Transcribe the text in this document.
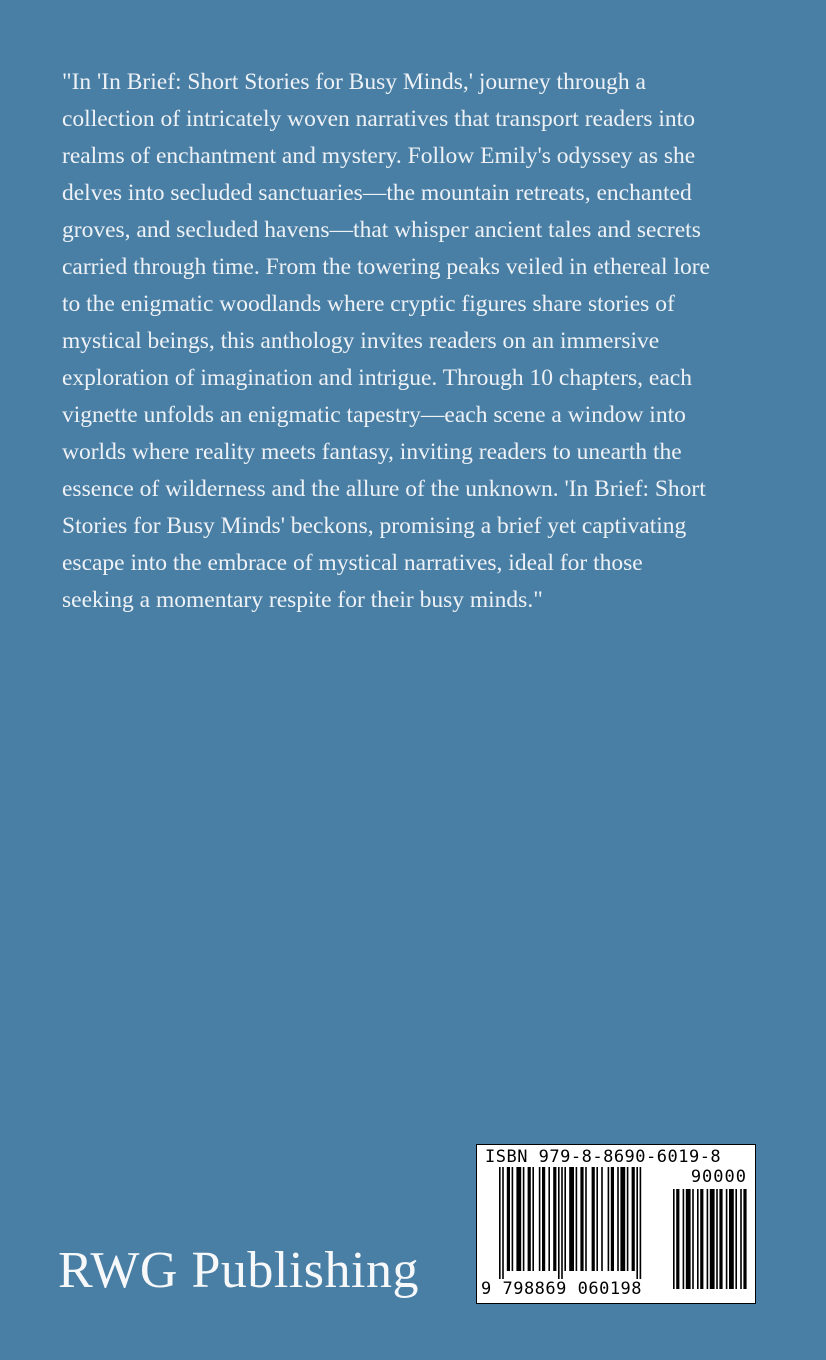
"In 'In Brief: Short Stories for Busy Minds,' journey through a
collection of intricately woven narratives that transport readers into
realms of enchantment and mystery. Follow Emily's odyssey as she
delves into secluded sanctuaries—the mountain retreats, enchanted
groves, and secluded havens—that whisper ancient tales and secrets
carried through time. From the towering peaks veiled in ethereal lore
to the enigmatic woodlands where cryptic figures share stories of
mystical beings, this anthology invites readers on an immersive
exploration of imagination and intrigue. Through 10 chapters, each
vignette unfolds an enigmatic tapestry—each scene a window into
worlds where reality meets fantasy, inviting readers to unearth the
essence of wilderness and the allure of the unknown. 'In Brief: Short
Stories for Busy Minds' beckons, promising a brief yet captivating
escape into the embrace of mystical narratives, ideal for those
seeking a momentary respite for their busy minds."
RWG Publishing
ISBN 979-8-8690-6019-8
90000
9 798869 060198
